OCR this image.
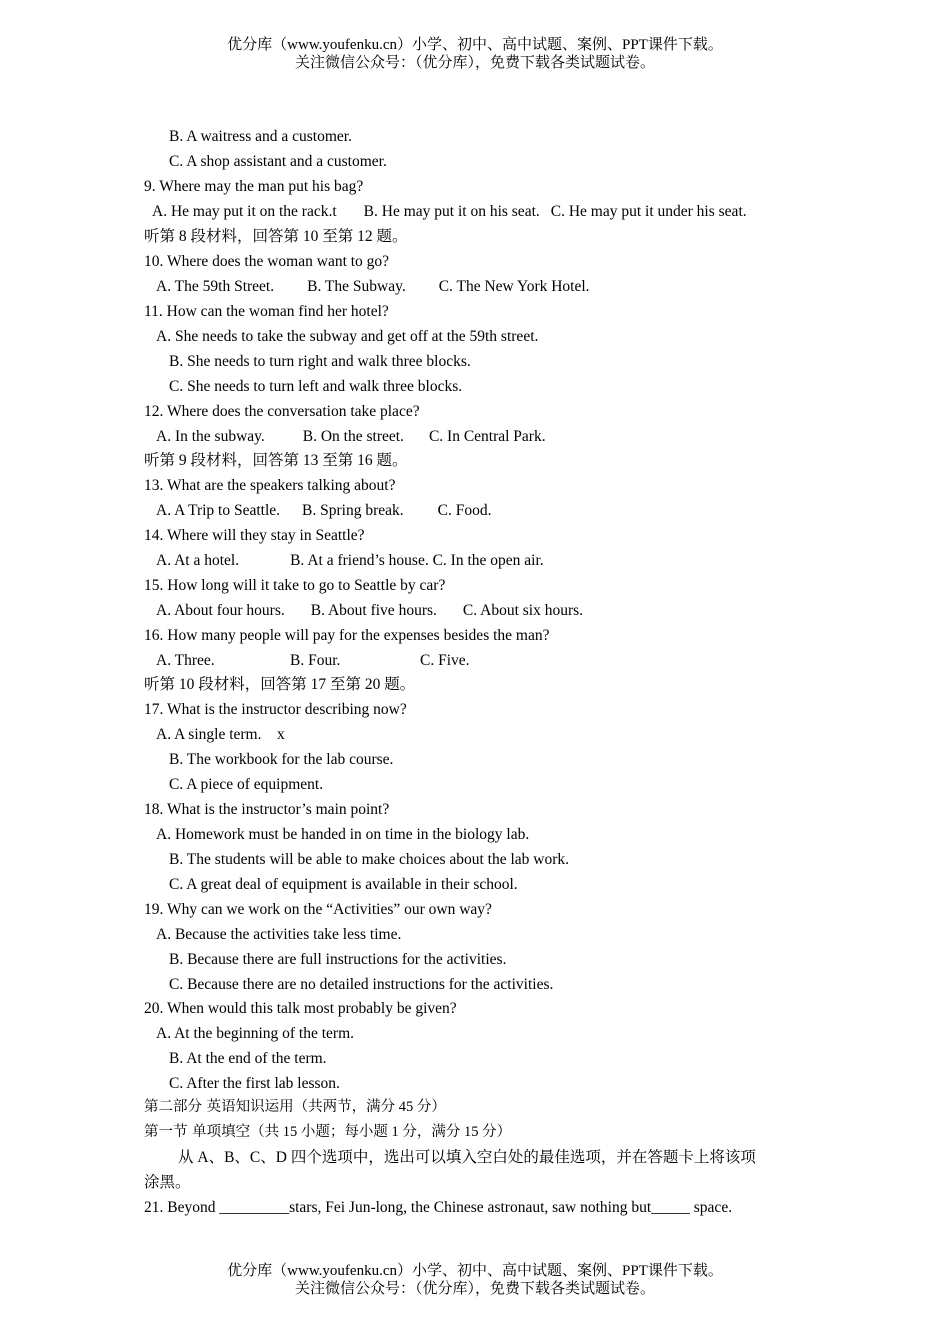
优分库（www.youfenku.cn）小学、初中、高中试题、案例、PPT课件下载。
关注微信公众号：（优分库），免费下载各类试题试卷。
B. A waitress and a customer.
C. A shop assistant and a customer.
9. Where may the man put his bag?
A. He may put it on the rack.t B. He may put it on his seat. C. He may put it under his seat.
听第 8 段材料，回答第 10 至第 12 题。
10. Where does the woman want to go?
A. The 59th Street. B. The Subway. C. The New York Hotel.
11. How can the woman find her hotel?
A. She needs to take the subway and get off at the 59th street.
B. She needs to turn right and walk three blocks.
C. She needs to turn left and walk three blocks.
12. Where does the conversation take place?
A. In the subway. B. On the street. C. In Central Park.
听第 9 段材料，回答第 13 至第 16 题。
13. What are the speakers talking about?
A. A Trip to Seattle. B. Spring break. C. Food.
14. Where will they stay in Seattle?
A. At a hotel.	B. At a friend’s house. C. In the open air.
15. How long will it take to go to Seattle by car?
A. About four hours. B. About five hours. C. About six hours.
16. How many people will pay for the expenses besides the man?
A. Three.	B. Four.	C. Five.
听第 10 段材料，回答第 17 至第 20 题。
17. What is the instructor describing now?
A. A single term.    x
B. The workbook for the lab course.
C. A piece of equipment.
18. What is the instructor’s main point?
A. Homework must be handed in on time in the biology lab.
B. The students will be able to make choices about the lab work.
C. A great deal of equipment is available in their school.
19. Why can we work on the “Activities” our own way?
A. Because the activities take less time.
B. Because there are full instructions for the activities.
C. Because there are no detailed instructions for the activities.
20. When would this talk most probably be given?
A. At the beginning of the term.
B. At the end of the term.
C. After the first lab lesson.
第二部分 英语知识运用（共两节，满分 45 分）
第一节 单项填空（共 15 小题；每小题 1 分，满分 15 分）
从 A、B、C、D 四个选项中，选出可以填入空白处的最佳选项，并在答题卡上将该项
涂黑。
21. Beyond _________stars, Fei Jun-long, the Chinese astronaut, saw nothing but_____ space.
优分库（www.youfenku.cn）小学、初中、高中试题、案例、PPT课件下载。
关注微信公众号：（优分库），免费下载各类试题试卷。
